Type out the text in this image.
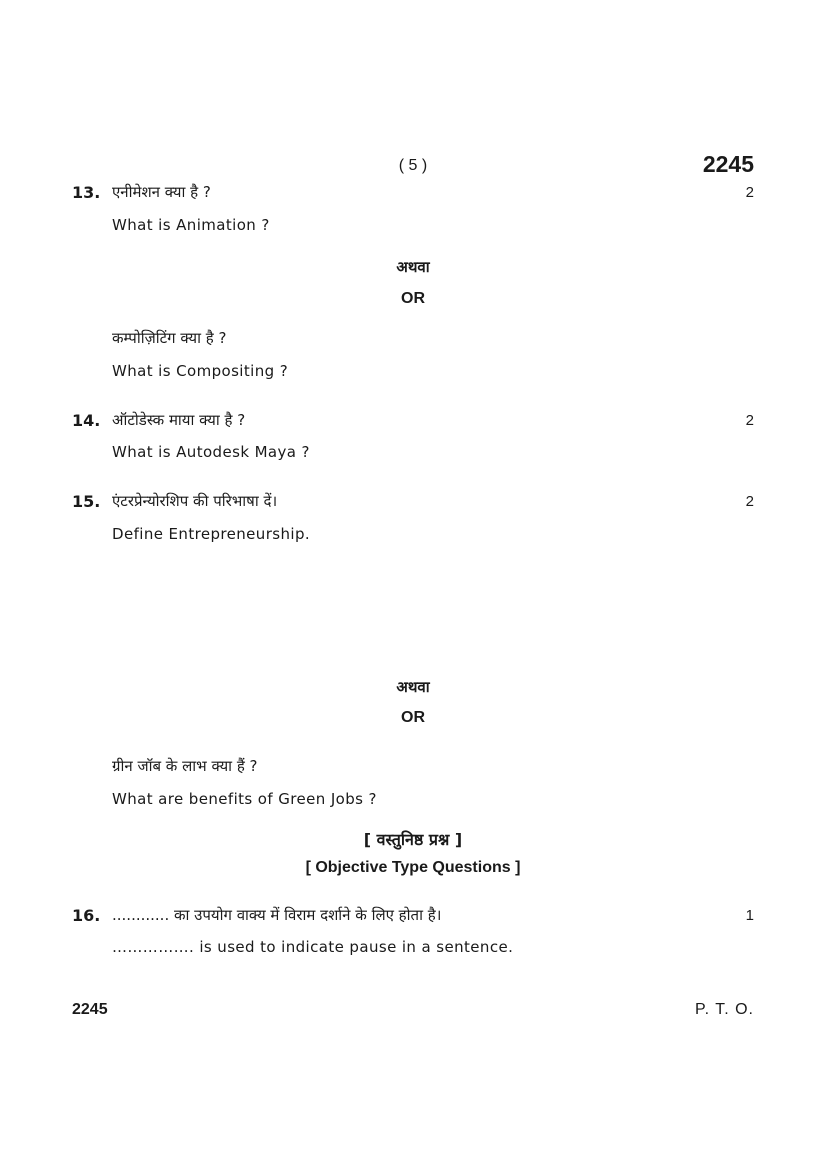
( 5 )	2245
13. एनीमेशन क्या है ?	2
What is Animation ?
अथवा
OR
कम्पोज़िटिंग क्या है ?
What is Compositing ?
14. ऑटोडेस्क माया क्या है ?	2
What is Autodesk Maya ?
15. एंटरप्रेन्योरशिप की परिभाषा दें।	2
Define Entrepreneurship.
अथवा
OR
ग्रीन जॉब के लाभ क्या हैं ?
What are benefits of Green Jobs ?
[ वस्तुनिष्ठ प्रश्न ]
[ Objective Type Questions ]
16. ............ का उपयोग वाक्य में विराम दर्शाने के लिए होता है।	1
……………. is used to indicate pause in a sentence.
2245	P. T. O.
